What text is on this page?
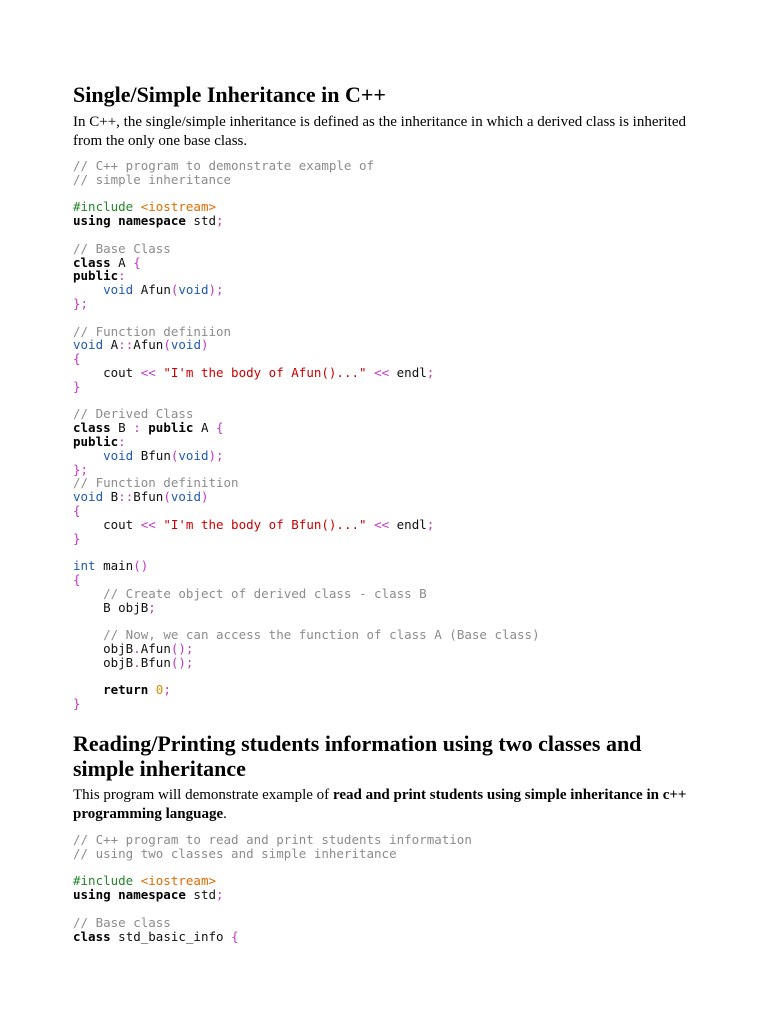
Single/Simple Inheritance in C++

In C++, the single/simple inheritance is defined as the inheritance in which a derived class is inherited from the only one base class.

// C++ program to demonstrate example of
// simple inheritance

#include <iostream>
using namespace std;

// Base Class
class A {
public:
void Afun(void);
};

// Function definiion
void A::Afun(void)
{
cout << "I'm the body of Afun()..." << endl;
}

// Derived Class
class B : public A {
public:
void Bfun(void);
};
// Function definition
void B::Bfun(void)
{
cout << "I'm the body of Bfun()..." << endl;
}

int main()
{
// Create object of derived class - class B
B objB;

// Now, we can access the function of class A (Base class)
objB.Afun();
objB.Bfun();

return 0;
}
Reading/Printing students information using two classes and
simple inheritance

This program will demonstrate example of read and print students using simple inheritance in c++ programming language.

// C++ program to read and print students information
// using two classes and simple inheritance

#include <iostream>
using namespace std;

// Base class
class std_basic_info {
